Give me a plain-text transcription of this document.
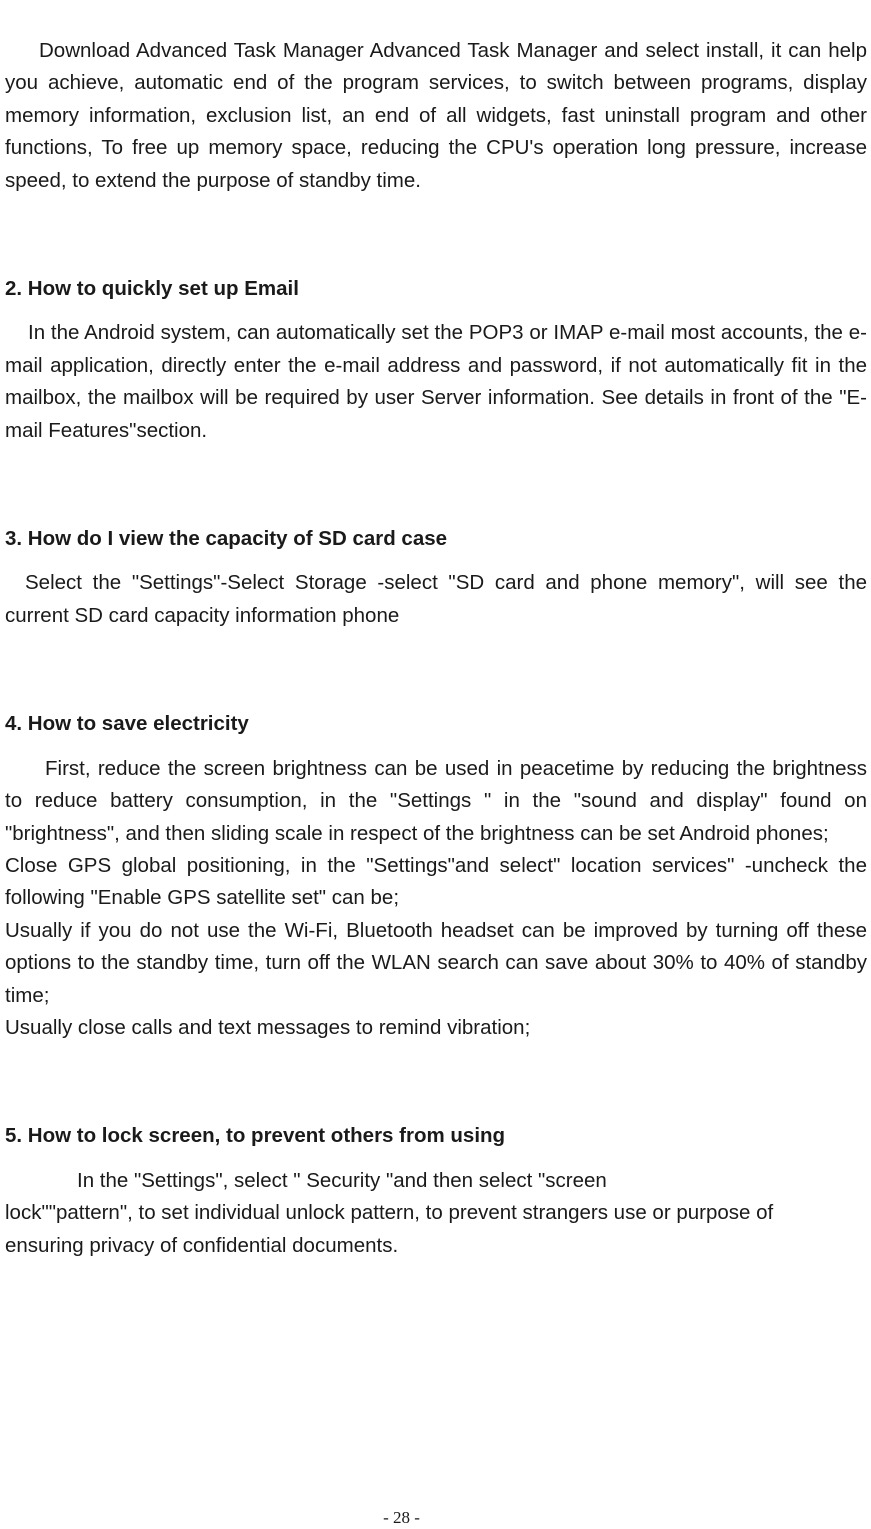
Download Advanced Task Manager Advanced Task Manager and select install, it can help you achieve, automatic end of the program services, to switch between programs, display memory information, exclusion list, an end of all widgets, fast uninstall program and other functions, To free up memory space, reducing the CPU's operation long pressure, increase speed, to extend the purpose of standby time.

2. How to quickly set up Email

In the Android system, can automatically set the POP3 or IMAP e-mail most accounts, the e-mail application, directly enter the e-mail address and password, if not automatically fit in the mailbox, the mailbox will be required by user Server information. See details in front of the "E-mail Features"section.

3. How do I view the capacity of SD card case

Select the "Settings"-Select Storage -select "SD card and phone memory", will see the current SD card capacity information phone

4. How to save electricity

First, reduce the screen brightness can be used in peacetime by reducing the brightness to reduce battery consumption, in the "Settings " in the "sound and display" found on "brightness", and then sliding scale in respect of the brightness can be set Android phones;

Close GPS global positioning, in the "Settings"and select" location services" -uncheck the following "Enable GPS satellite set" can be;

Usually if you do not use the Wi-Fi, Bluetooth headset can be improved by turning off these options to the standby time, turn off the WLAN search can save about 30% to 40% of standby time;

Usually close calls and text messages to remind vibration;

5. How to lock screen, to prevent others from using

In the "Settings", select " Security "and then select "screen

lock""pattern", to set individual unlock pattern, to prevent strangers use or purpose of ensuring privacy of confidential documents.

- 28 -
